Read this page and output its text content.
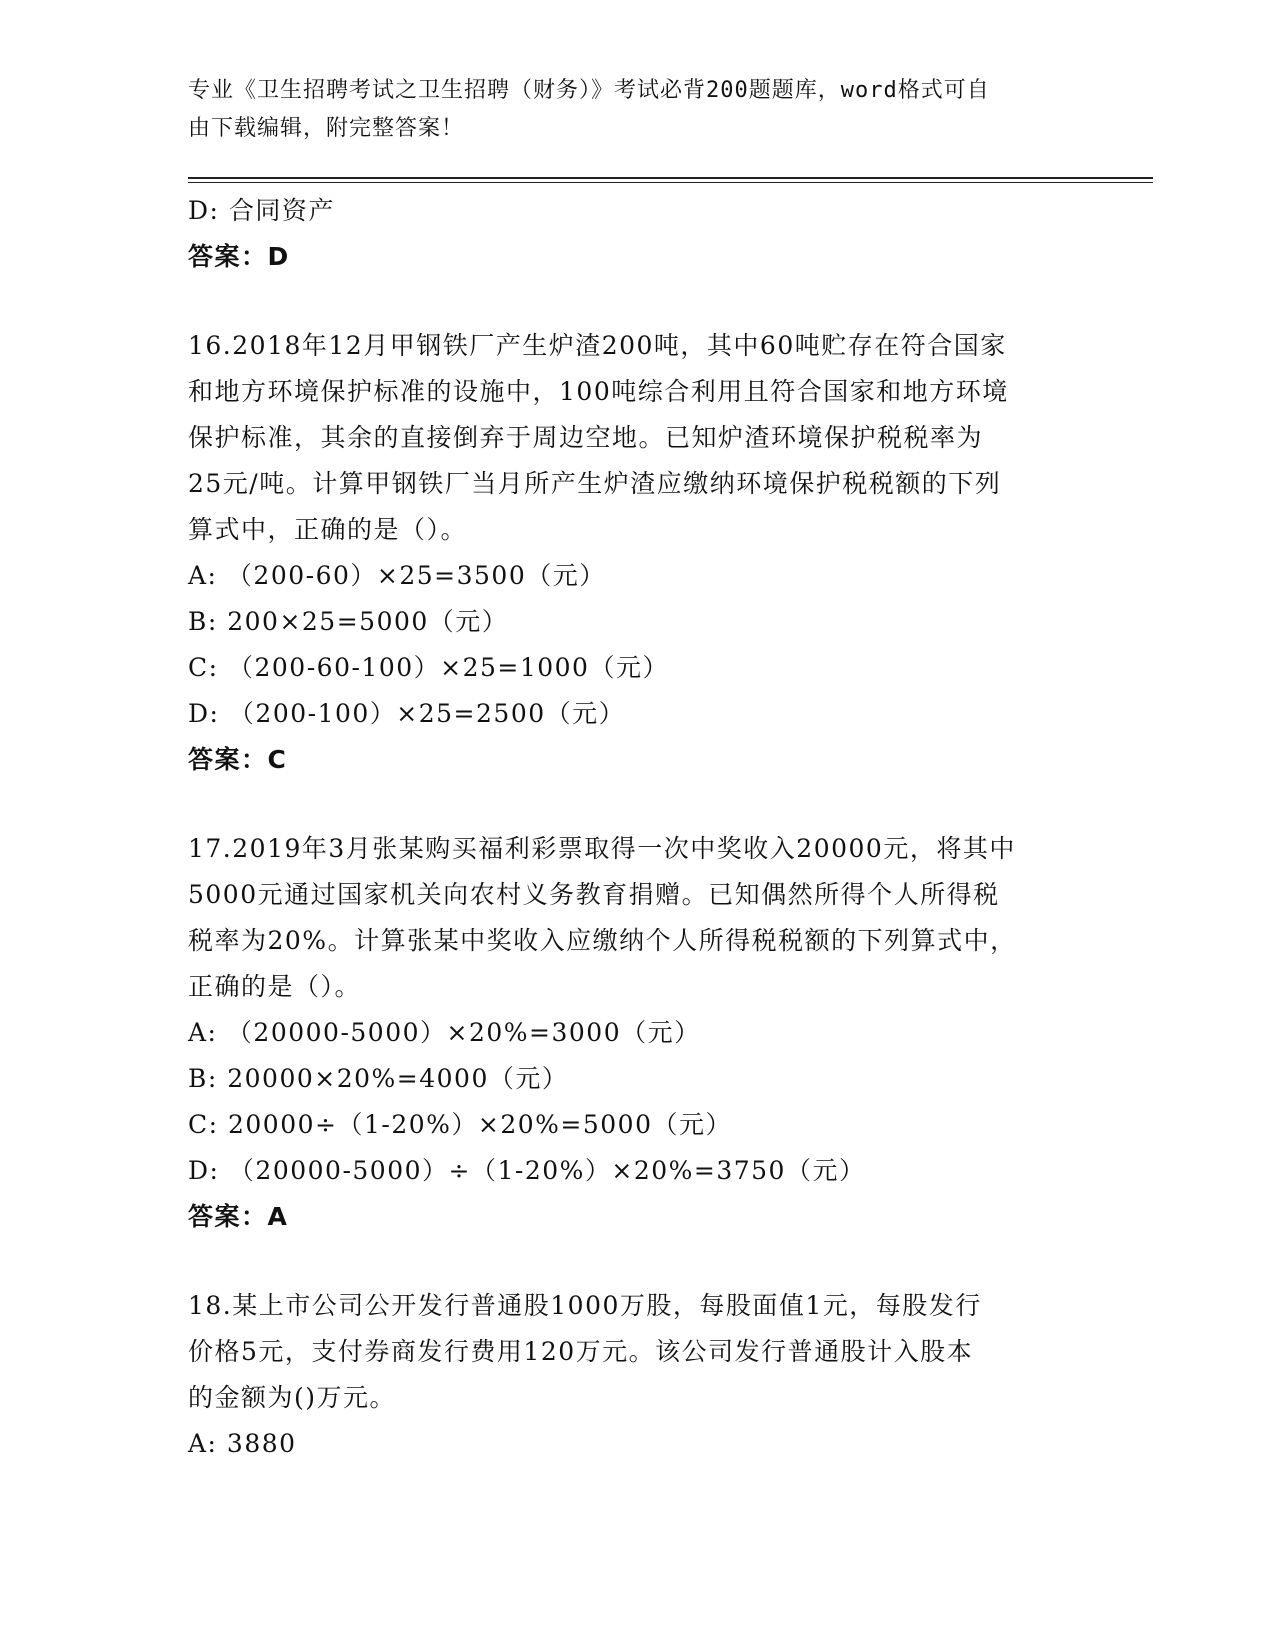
专业《卫生招聘考试之卫生招聘（财务）》考试必背200题题库，word格式可自
由下载编辑，附完整答案！
D: 合同资产
答案：D
16.2018年12月甲钢铁厂产生炉渣200吨，其中60吨贮存在符合国家
和地方环境保护标准的设施中，100吨综合利用且符合国家和地方环境
保护标准，其余的直接倒弃于周边空地。已知炉渣环境保护税税率为
25元/吨。计算甲钢铁厂当月所产生炉渣应缴纳环境保护税税额的下列
算式中，正确的是（）。
A: （200-60）×25=3500（元）
B: 200×25=5000（元）
C: （200-60-100）×25=1000（元）
D: （200-100）×25=2500（元）
答案：C
17.2019年3月张某购买福利彩票取得一次中奖收入20000元，将其中
5000元通过国家机关向农村义务教育捐赠。已知偶然所得个人所得税
税率为20%。计算张某中奖收入应缴纳个人所得税税额的下列算式中，
正确的是（）。
A: （20000-5000）×20%=3000（元）
B: 20000×20%=4000（元）
C: 20000÷（1-20%）×20%=5000（元）
D: （20000-5000）÷（1-20%）×20%=3750（元）
答案：A
18.某上市公司公开发行普通股1000万股，每股面值1元，每股发行
价格5元，支付券商发行费用120万元。该公司发行普通股计入股本
的金额为()万元。
A: 3880
